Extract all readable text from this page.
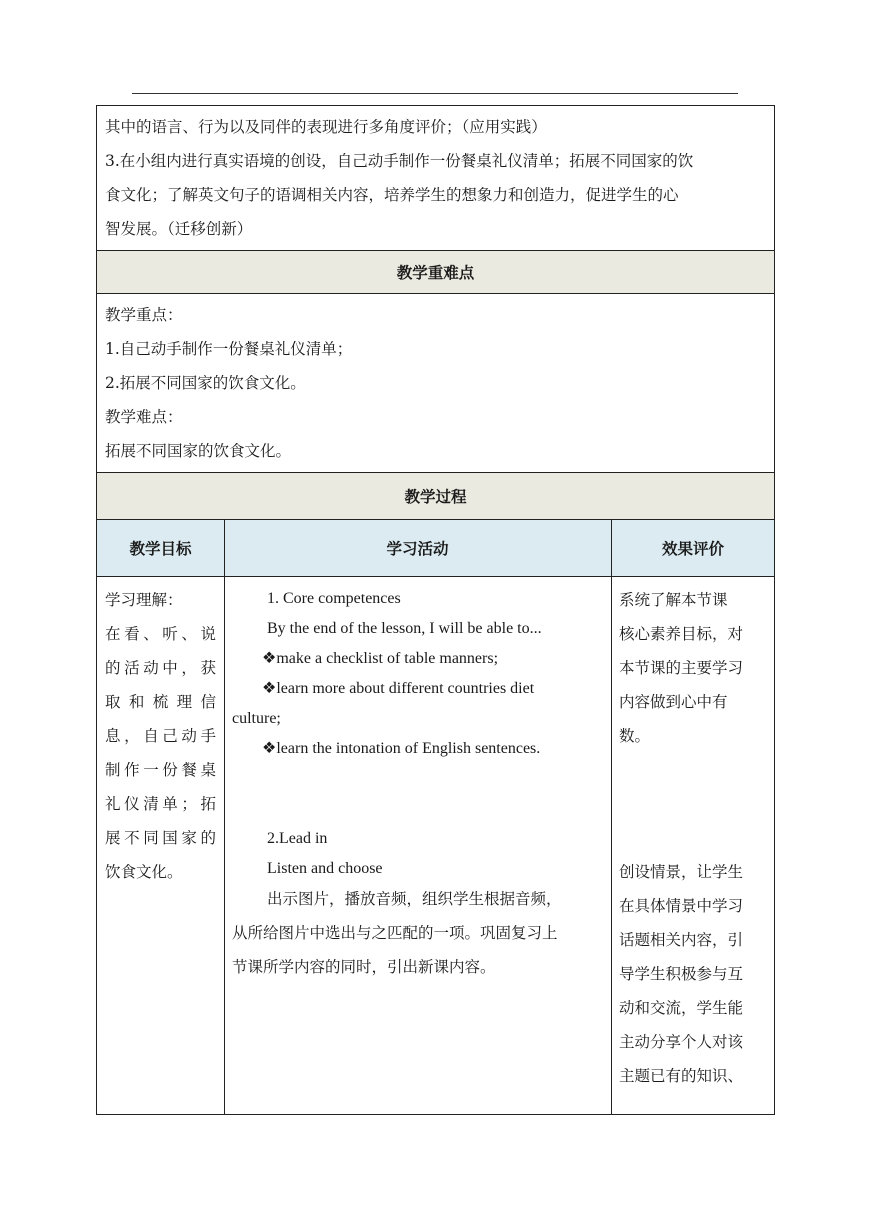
其中的语言、行为以及同伴的表现进行多角度评价；（应用实践）

3.在小组内进行真实语境的创设，自己动手制作一份餐桌礼仪清单；拓展不同国家的饮

食文化；了解英文句子的语调相关内容，培养学生的想象力和创造力，促进学生的心

智发展。（迁移创新）

教学重难点

教学重点：

1.自己动手制作一份餐桌礼仪清单；

2.拓展不同国家的饮食文化。

教学难点：

拓展不同国家的饮食文化。

教学过程
教学目标	学习活动	效果评价

学习理解：

在看、听、说

的活动中，获

取和梳理信

息，自己动手

制作一份餐桌

礼仪清单；拓

展不同国家的

饮食文化。

1. Core competences

By the end of the lesson, I will be able to...

❖make a checklist of table manners;

❖learn more about different countries diet

culture;

❖learn the intonation of English sentences.

2.Lead in

Listen and choose

出示图片，播放音频，组织学生根据音频，

从所给图片中选出与之匹配的一项。巩固复习上

节课所学内容的同时，引出新课内容。

系统了解本节课

核心素养目标，对

本节课的主要学习

内容做到心中有

数。

创设情景，让学生

在具体情景中学习

话题相关内容，引

导学生积极参与互

动和交流，学生能

主动分享个人对该

主题已有的知识、
